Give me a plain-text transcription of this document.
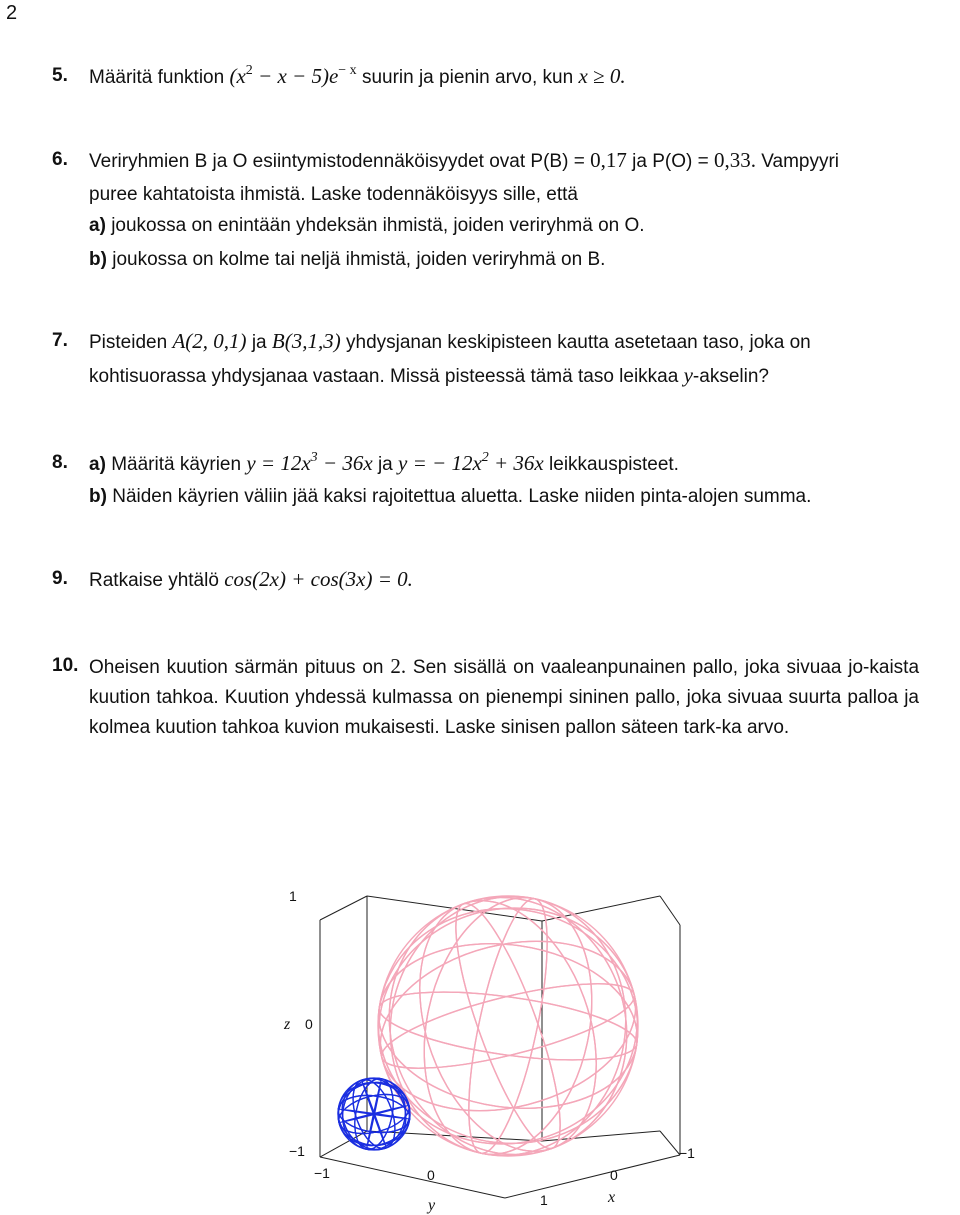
2
5. Määritä funktion $(x^2 - x - 5)e^{- x}$ suurin ja pienin arvo, kun x ≥ 0.
6. Veriryhmien B ja O esiintymistodennäköisyydet ovat P(B) = 0,17 ja P(O) = 0,33. Vampyyri
puree kahtatoista ihmistä. Laske todennäköisyys sille, että
a) joukossa on enintään yhdeksän ihmistä, joiden veriryhmä on O.
b) joukossa on kolme tai neljä ihmistä, joiden veriryhmä on B.
7. Pisteiden A(2, 0,1) ja B(3,1,3) yhdysjanan keskipisteen kautta asetetaan taso, joka on
kohtisuorassa yhdysjanaa vastaan. Missä pisteessä tämä taso leikkaa y-akselin?
8. a) Määritä käyrien $y = 12x^3 - 36x$ ja y = − $12x^2 + 36x$ leikkauspisteet.
b) Näiden käyrien väliin jää kaksi rajoitettua aluetta. Laske niiden pinta-alojen summa.
9. Ratkaise yhtälö cos(2x) + cos(3x) = 0.
10. Oheisen kuution särmän pituus on 2. Sen sisällä on vaaleanpunainen pallo, joka sivuaa jo-kaista kuution tahkoa. Kuution yhdessä kulmassa on pienempi sininen pallo, joka sivuaa suurta palloa ja kolmea kuution tahkoa kuvion mukaisesti. Laske sinisen pallon säteen tark-ka arvo.
1
z 0
−1
−1	0
y	1
0
x
−1
